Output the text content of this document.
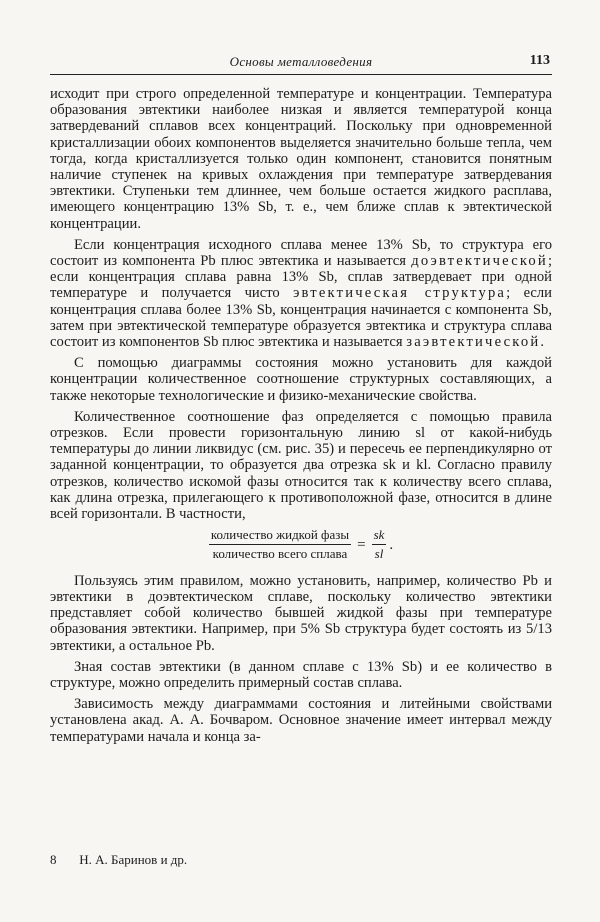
Основы металловедения	113

исходит при строго определенной температуре и концентрации. Температура образования эвтектики наиболее низкая и является температурой конца затвердеваний сплавов всех концентраций. Поскольку при одновременной кристаллизации обоих компонентов выделяется значительно больше тепла, чем тогда, когда кристаллизуется только один компонент, становится понятным наличие ступенек на кривых охлаждения при температуре затвердевания эвтектики. Ступеньки тем длиннее, чем больше остается жидкого расплава, имеющего концентрацию 13% Sb, т. е., чем ближе сплав к эвтектической концентрации.

Если концентрация исходного сплава менее 13% Sb, то структура его состоит из компонента Pb плюс эвтектика и называется доэвтектической; если концентрация сплава равна 13% Sb, сплав затвердевает при одной температуре и получается чисто эвтектическая структура; если концентрация сплава более 13% Sb, концентрация начинается с компонента Sb, затем при эвтектической температуре образуется эвтектика и структура сплава состоит из компонентов Sb плюс эвтектика и называется заэвтектической.

С помощью диаграммы состояния можно установить для каждой концентрации количественное соотношение структурных составляющих, а также некоторые технологические и физико-механические свойства.

Количественное соотношение фаз определяется с помощью правила отрезков. Если провести горизонтальную линию sl от какой-нибудь температуры до линии ликвидус (см. рис. 35) и пересечь ее перпендикулярно от заданной концентрации, то образуется два отрезка sk и kl. Согласно правилу отрезков, количество искомой фазы относится так к количеству всего сплава, как длина отрезка, прилегающего к противоположной фазе, относится в длине всей горизонтали. В частности,

$\frac{\text{количество жидкой фазы}}{\text{количество всего сплава}} = \frac{sk}{sl}$ .

Пользуясь этим правилом, можно установить, например, количество Pb и эвтектики в доэвтектическом сплаве, поскольку количество эвтектики представляет собой количество бывшей жидкой фазы при температуре образования эвтектики. Например, при 5% Sb структура будет состоять из 5/13 эвтектики, а остальное Pb.

Зная состав эвтектики (в данном сплаве с 13% Sb) и ее количество в структуре, можно определить примерный состав сплава.

Зависимость между диаграммами состояния и литейными свойствами установлена акад. А. А. Бочваром. Основное значение имеет интервал между температурами начала и конца за-

8 Н. А. Баринов и др.
